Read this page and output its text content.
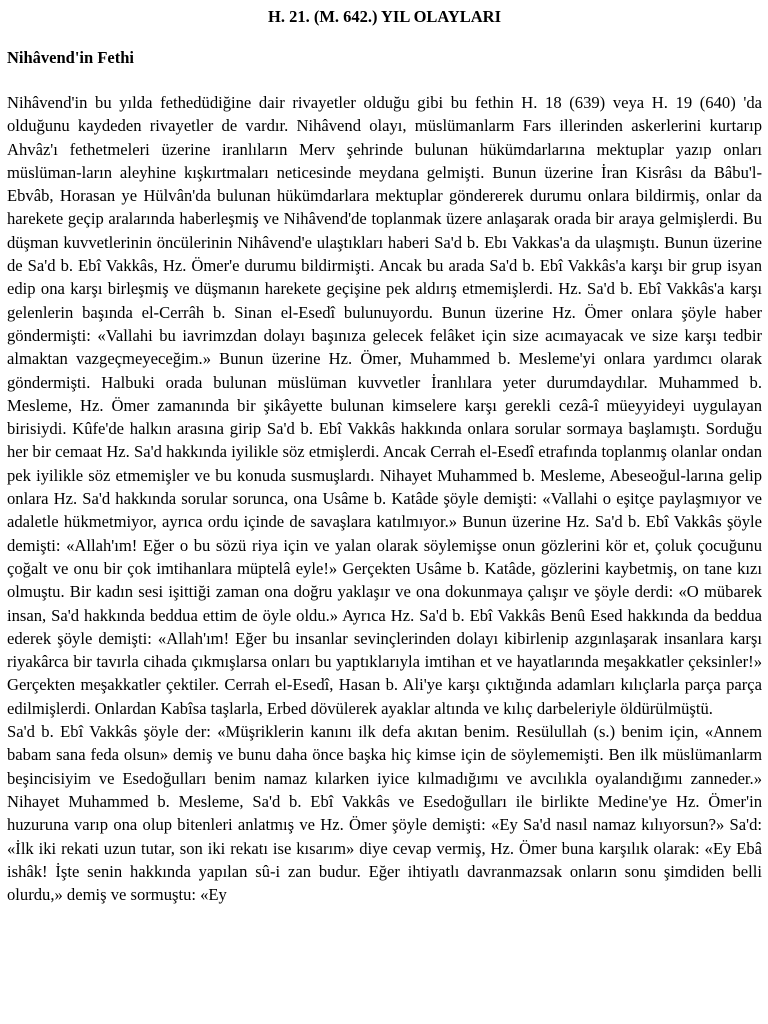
H. 21. (M. 642.) YIL OLAYLARI
Nihâvend'in Fethi

Nihâvend'in bu yılda fethedüdiğine dair rivayetler olduğu gibi bu fethin H. 18 (639) veya H. 19 (640) 'da olduğunu kaydeden rivayetler de vardır. Nihâvend olayı, müslümanlarm Fars illerinden askerlerini kurtarıp Ahvâz'ı fethetmeleri üzerine iranlıların Merv şehrinde bulunan hükümdarlarına mektuplar yazıp onları müslüman-ların aleyhine kışkırtmaları neticesinde meydana gelmişti. Bunun üzerine İran Kisrâsı da Bâbu'l-Ebvâb, Horasan ye Hülvân'da bulunan hükümdarlara mektuplar göndererek durumu onlara bildirmiş, onlar da harekete geçip aralarında haberleşmiş ve Nihâvend'de toplanmak üzere anlaşarak orada bir araya gelmişlerdi. Bu düşman kuvvetlerinin öncülerinin Nihâvend'e ulaştıkları haberi Sa'd b. Ebı Vakkas'a da ulaşmıştı. Bunun üzerine de Sa'd b. Ebî Vakkâs, Hz. Ömer'e durumu bildirmişti. Ancak bu arada Sa'd b. Ebî Vakkâs'a karşı bir grup isyan edip ona karşı birleşmiş ve düşmanın harekete geçişine pek aldırış etmemişlerdi. Hz. Sa'd b. Ebî Vakkâs'a karşı gelenlerin başında el-Cerrâh b. Sinan el-Esedî bulunuyordu. Bunun üzerine Hz. Ömer onlara şöyle haber göndermişti: «Vallahi bu iavrimzdan dolayı başınıza gelecek felâket için size acımayacak ve size karşı tedbir almaktan vazgeçmeyeceğim.» Bunun üzerine Hz. Ömer, Muhammed b. Mesleme'yi onlara yardımcı olarak göndermişti. Halbuki orada bulunan müslüman kuvvetler İranlılara yeter durumdaydılar. Muhammed b. Mesleme, Hz. Ömer zamanında bir şikâyette bulunan kimselere karşı gerekli cezâ-î müeyyideyi uygulayan birisiydi. Kûfe'de halkın arasına girip Sa'd b. Ebî Vakkâs hakkında onlara sorular sormaya başlamıştı. Sorduğu her bir cemaat Hz. Sa'd hakkında iyilikle söz etmişlerdi. Ancak Cerrah el-Esedî etrafında toplanmış olanlar ondan pek iyilikle söz etmemişler ve bu konuda susmuşlardı. Nihayet Muhammed b. Mesleme, Abeseoğul-larına gelip onlara Hz. Sa'd hakkında sorular sorunca, ona Usâme b. Katâde şöyle demişti: «Vallahi o eşitçe paylaşmıyor ve adaletle hükmetmiyor, ayrıca ordu içinde de savaşlara katılmıyor.» Bunun üzerine Hz. Sa'd b. Ebî Vakkâs şöyle demişti: «Allah'ım! Eğer o bu sözü riya için ve yalan olarak söylemişse onun gözlerini kör et, çoluk çocuğunu çoğalt ve onu bir çok imtihanlara müptelâ eyle!» Gerçekten Usâme b. Katâde, gözlerini kaybetmiş, on tane kızı olmuştu. Bir kadın sesi işittiği zaman ona doğru yaklaşır ve ona dokunmaya çalışır ve şöyle derdi: «O mübarek insan, Sa'd hakkında beddua ettim de öyle oldu.» Ayrıca Hz. Sa'd b. Ebî Vakkâs Benû Esed hakkında da beddua ederek şöyle demişti: «Allah'ım! Eğer bu insanlar sevinçlerinden dolayı kibirlenip azgınlaşarak insanlara karşı riyakârca bir tavırla cihada çıkmışlarsa onları bu yaptıklarıyla imtihan et ve hayatlarında meşakkatler çeksinler!» Gerçekten meşakkatler çektiler. Cerrah el-Esedî, Hasan b. Ali'ye karşı çıktığında adamları kılıçlarla parça parça edilmişlerdi. Onlardan Kabîsa taşlarla, Erbed dövülerek ayaklar altında ve kılıç darbeleriyle öldürülmüştü.

Sa'd b. Ebî Vakkâs şöyle der: «Müşriklerin kanını ilk defa akıtan benim. Resülullah (s.) benim için, «Annem babam sana feda olsun» demiş ve bunu daha önce başka hiç kimse için de söylememişti. Ben ilk müslümanlarm beşincisiyim ve Esedoğulları benim namaz kılarken iyice kılmadığımı ve avcılıkla oyalandığımı zanneder.» Nihayet Muhammed b. Mesleme, Sa'd b. Ebî Vakkâs ve Esedoğulları ile birlikte Medine'ye Hz. Ömer'in huzuruna varıp ona olup bitenleri anlatmış ve Hz. Ömer şöyle demişti: «Ey Sa'd nasıl namaz kılıyorsun?» Sa'd: «İlk iki rekati uzun tutar, son iki rekatı ise kısarım» diye cevap vermiş, Hz. Ömer buna karşılık olarak: «Ey Ebâ ishâk! İşte senin hakkında yapılan sû-i zan budur. Eğer ihtiyatlı davranmazsak onların sonu şimdiden belli olurdu,» demiş ve sormuştu: «Ey
